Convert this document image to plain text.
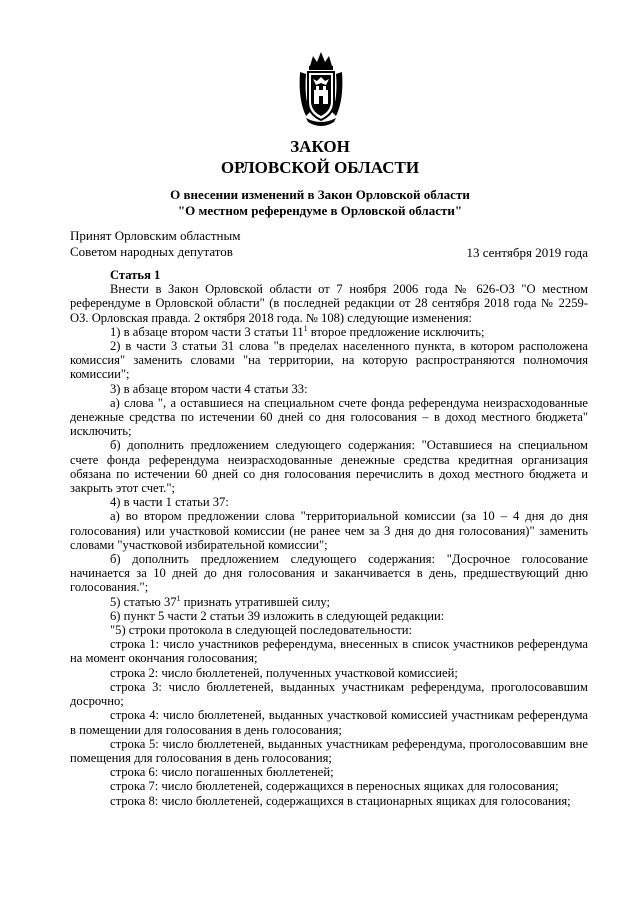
ЗАКОН
ОРЛОВСКОЙ ОБЛАСТИ
О внесении изменений в Закон Орловской области
"О местном референдуме в Орловской области"
Принят Орловским областным
Советом народных депутатов	13 сентября 2019 года

Статья 1

Внести в Закон Орловской области от 7 ноября 2006 года № 626-ОЗ "О местном референдуме в Орловской области" (в последней редакции от 28 сентября 2018 года № 2259-ОЗ. Орловская правда. 2 октября 2018 года. № 108) следующие изменения:

1) в абзаце втором части 3 статьи $11^1$ второе предложение исключить;

2) в части 3 статьи 31 слова "в пределах населенного пункта, в котором расположена комиссия" заменить словами "на территории, на которую распространяются полномочия комиссии";

3) в абзаце втором части 4 статьи 33:

а) слова ", а оставшиеся на специальном счете фонда референдума неизрасходованные денежные средства по истечении 60 дней со дня голосования – в доход местного бюджета" исключить;

б) дополнить предложением следующего содержания: "Оставшиеся на специальном счете фонда референдума неизрасходованные денежные средства кредитная организация обязана по истечении 60 дней со дня голосования перечислить в доход местного бюджета и закрыть этот счет.";

4) в части 1 статьи 37:

а) во втором предложении слова "территориальной комиссии (за 10 – 4 дня до дня голосования) или участковой комиссии (не ранее чем за 3 дня до дня голосования)" заменить словами "участковой избирательной комиссии";

б) дополнить предложением следующего содержания: "Досрочное голосование начинается за 10 дней до дня голосования и заканчивается в день, предшествующий дню голосования.";

5) статью $37^1$ признать утратившей силу;

6) пункт 5 части 2 статьи 39 изложить в следующей редакции:

"5) строки протокола в следующей последовательности:

строка 1: число участников референдума, внесенных в список участников референдума на момент окончания голосования;

строка 2: число бюллетеней, полученных участковой комиссией;

строка 3: число бюллетеней, выданных участникам референдума, проголосовавшим досрочно;

строка 4: число бюллетеней, выданных участковой комиссией участникам референдума в помещении для голосования в день голосования;

строка 5: число бюллетеней, выданных участникам референдума, проголосовавшим вне помещения для голосования в день голосования;

строка 6: число погашенных бюллетеней;

строка 7: число бюллетеней, содержащихся в переносных ящиках для голосования;

строка 8: число бюллетеней, содержащихся в стационарных ящиках для голосования;
